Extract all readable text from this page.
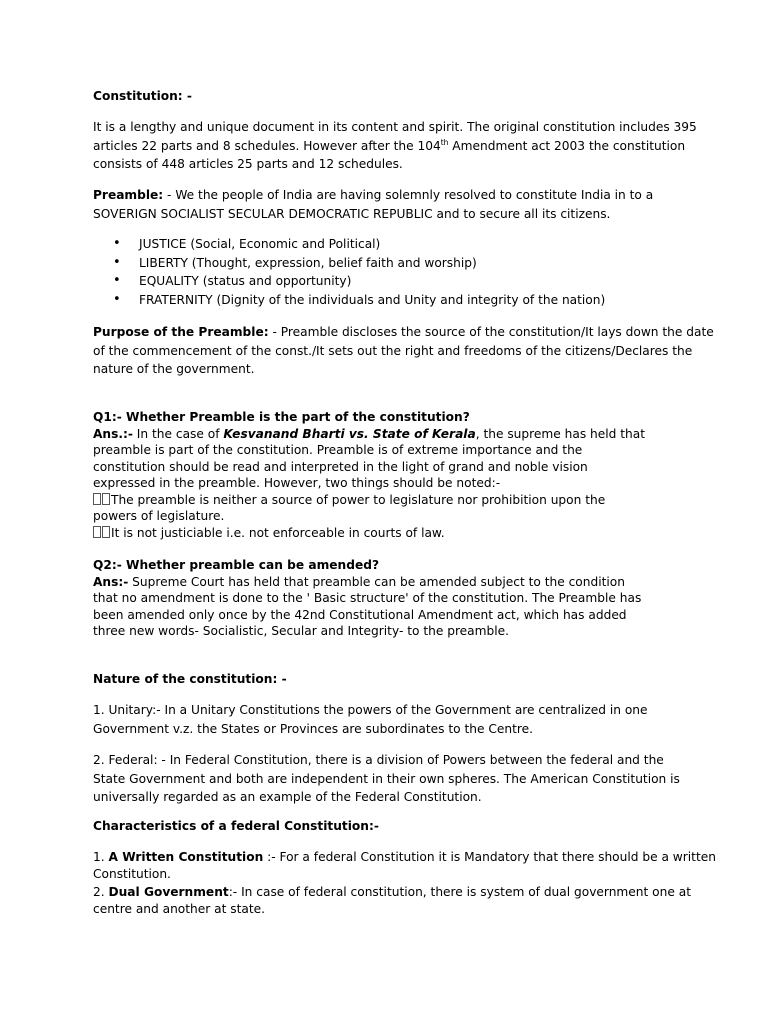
Constitution: -
It is a lengthy and unique document in its content and spirit. The original constitution includes 395
articles 22 parts and 8 schedules. However after the 104th Amendment act 2003 the constitution
consists of 448 articles 25 parts and 12 schedules.
Preamble: - We the people of India are having solemnly resolved to constitute India in to a
SOVERIGN SOCIALIST SECULAR DEMOCRATIC REPUBLIC and to secure all its citizens.
• JUSTICE (Social, Economic and Political)
• LIBERTY (Thought, expression, belief faith and worship)
• EQUALITY (status and opportunity)
• FRATERNITY (Dignity of the individuals and Unity and integrity of the nation)
Purpose of the Preamble: - Preamble discloses the source of the constitution/It lays down the date
of the commencement of the const./It sets out the right and freedoms of the citizens/Declares the
nature of the government.
Q1:- Whether Preamble is the part of the constitution?
Ans.:- In the case of Kesvanand Bharti vs. State of Kerala, the supreme has held that
preamble is part of the constitution. Preamble is of extreme importance and the
constitution should be read and interpreted in the light of grand and noble vision
expressed in the preamble. However, two things should be noted:-
The preamble is neither a source of power to legislature nor prohibition upon the
powers of legislature.
It is not justiciable i.e. not enforceable in courts of law.
Q2:- Whether preamble can be amended?
Ans:- Supreme Court has held that preamble can be amended subject to the condition
that no amendment is done to the ' Basic structure' of the constitution. The Preamble has
been amended only once by the 42nd Constitutional Amendment act, which has added
three new words- Socialistic, Secular and Integrity- to the preamble.
Nature of the constitution: -
1. Unitary:- In a Unitary Constitutions the powers of the Government are centralized in one
Government v.z. the States or Provinces are subordinates to the Centre.
2. Federal: - In Federal Constitution, there is a division of Powers between the federal and the
State Government and both are independent in their own spheres. The American Constitution is
universally regarded as an example of the Federal Constitution.
Characteristics of a federal Constitution:-
1. A Written Constitution :- For a federal Constitution it is Mandatory that there should be a written
Constitution.
2. Dual Government:- In case of federal constitution, there is system of dual government one at
centre and another at state.
